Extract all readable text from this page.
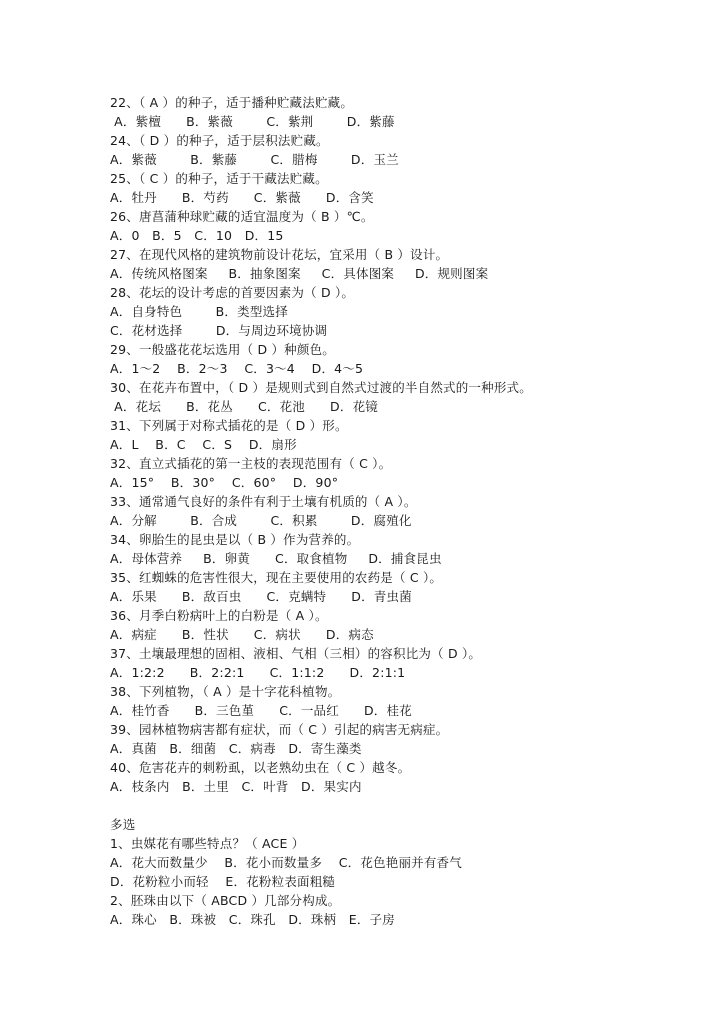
22、（ A ）的种子，适于播种贮藏法贮藏。
A．紫檀      B．紫薇        C．紫荆        D．紫藤
24、（ D ）的种子，适于层积法贮藏。
A．紫薇        B．紫藤        C．腊梅        D．玉兰
25、（ C ）的种子，适于干藏法贮藏。
A．牡丹      B．芍药      C．紫薇      D．含笑
26、唐菖蒲种球贮藏的适宜温度为（ B ）℃。
A．0   B．5   C．10   D．15
27、在现代风格的建筑物前设计花坛，宜采用（ B ）设计。
A．传统风格图案     B．抽象图案     C．具体图案     D．规则图案
28、花坛的设计考虑的首要因素为（ D ）。
A．自身特色        B．类型选择
C．花材选择        D．与周边环境协调
29、一般盛花花坛选用（ D ）种颜色。
A．1～2    B．2～3    C．3～4    D．4～5
30、在花卉布置中，（ D ）是规则式到自然式过渡的半自然式的一种形式。
A．花坛      B．花丛      C．花池      D．花镜
31、下列属于对称式插花的是（ D ）形。
A．L    B．C    C．S    D．扇形
32、直立式插花的第一主枝的表现范围有（ C ）。
A．15°    B．30°    C．60°    D．90°
33、通常通气良好的条件有利于土壤有机质的（ A ）。
A．分解        B．合成        C．积累        D．腐殖化
34、卵胎生的昆虫是以（ B ）作为营养的。
A．母体营养     B．卵黄      C．取食植物     D．捕食昆虫
35、红蜘蛛的危害性很大，现在主要使用的农药是（ C ）。
A．乐果      B．敌百虫      C．克螨特      D．青虫菌
36、月季白粉病叶上的白粉是（ A ）。
A．病症      B．性状      C．病状      D．病态
37、土壤最理想的固相、液相、气相（三相）的容积比为（ D ）。
A．1:2:2      B．2:2:1      C．1:1:2      D．2:1:1
38、下列植物，（ A ）是十字花科植物。
A．桂竹香      B．三色堇      C．一品红      D．桂花
39、园林植物病害都有症状，而（ C ）引起的病害无病症。
A．真菌   B．细菌   C．病毒   D．寄生藻类
40、危害花卉的刺粉虱，以老熟幼虫在（ C ）越冬。
A．枝条内   B．土里   C．叶背   D．果实内
多选
1、虫媒花有哪些特点？（ ACE ）
A．花大而数量少    B．花小而数量多    C．花色艳丽并有香气
D．花粉粒小而轻    E．花粉粒表面粗糙
2、胚珠由以下（ ABCD ）几部分构成。
A．珠心   B．珠被   C．珠孔   D．珠柄   E．子房
